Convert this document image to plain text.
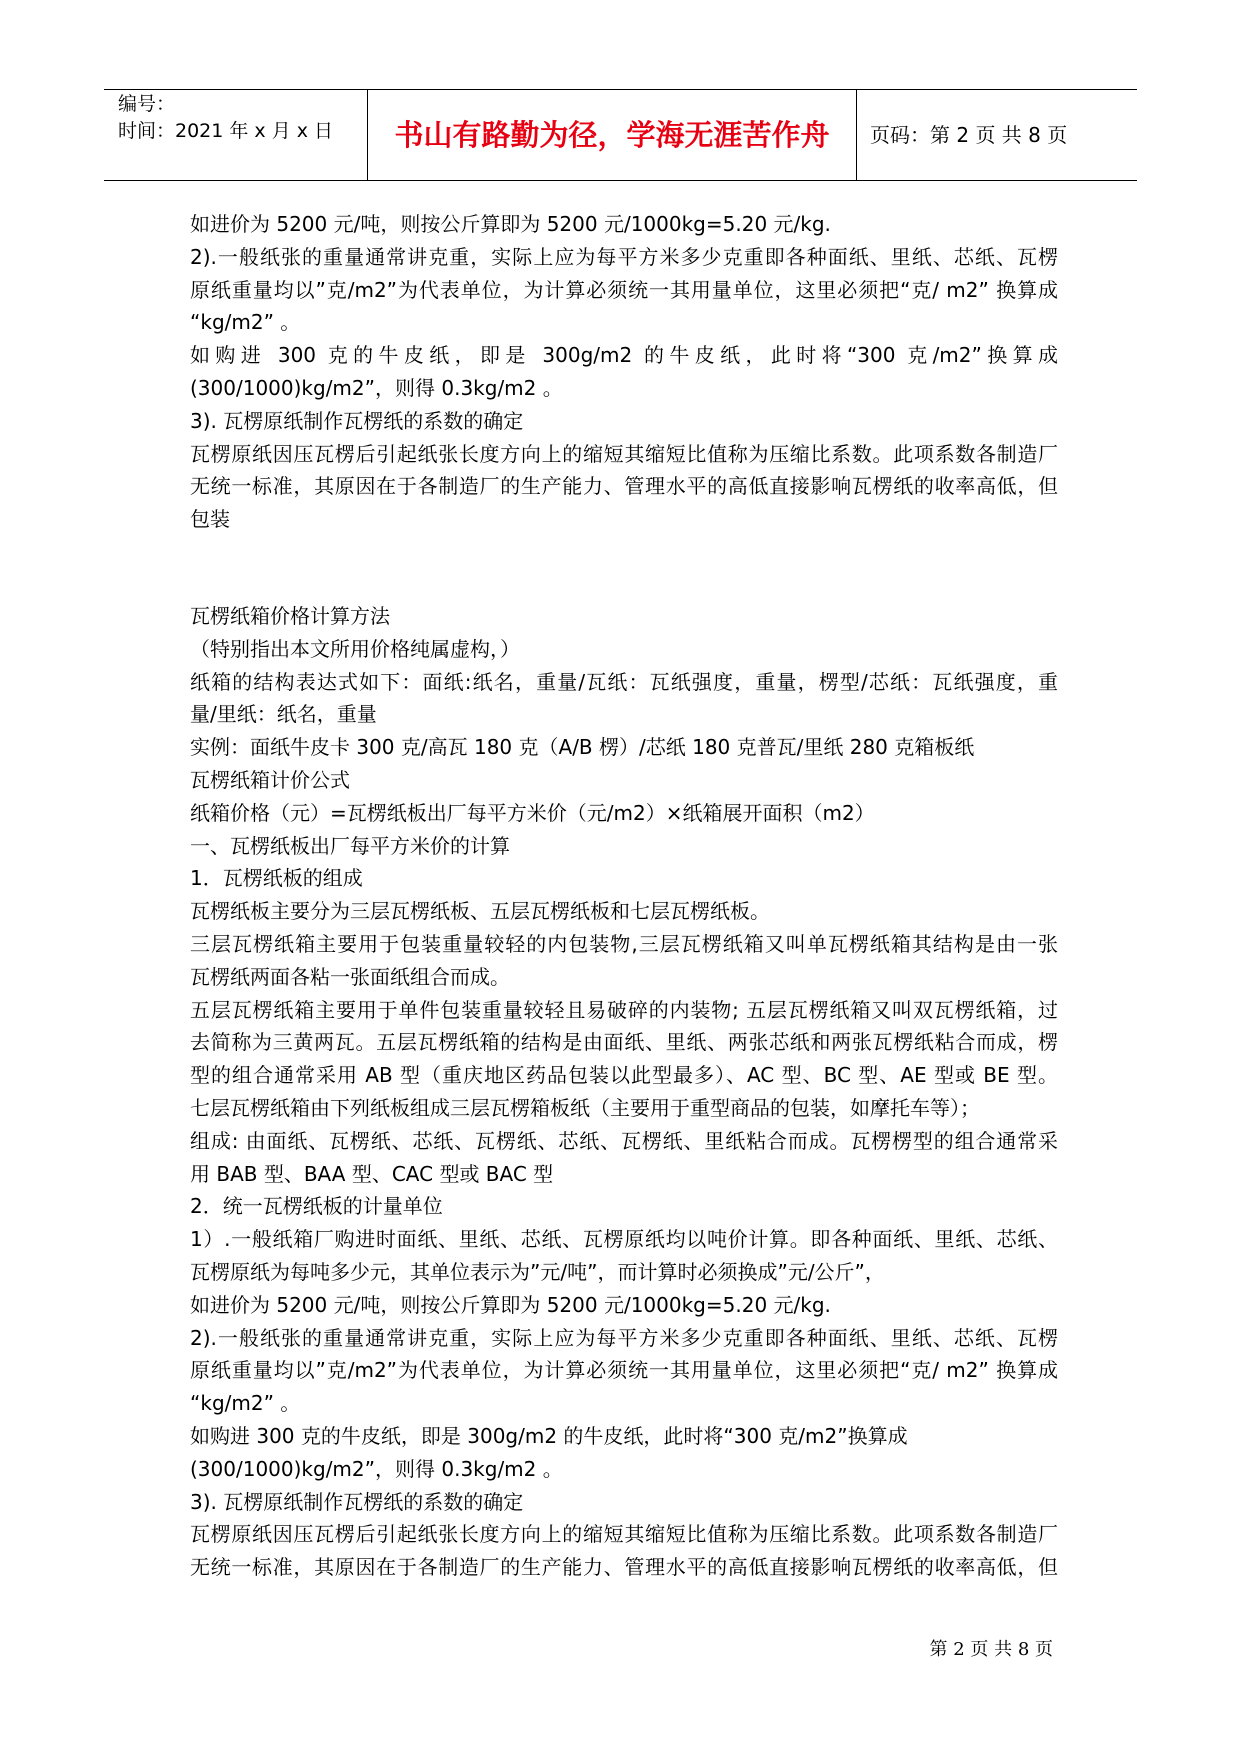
编号：
时间：2021 年 x 月 x 日 书山有路勤为径，学海无涯苦作舟 页码：第 2 页 共 8 页
如进价为 5200 元/吨，则按公斤算即为 5200 元/1000kg=5.20 元/kg.
2).一般纸张的重量通常讲克重，实际上应为每平方米多少克重即各种面纸、里纸、芯纸、瓦楞
原纸重量均以”克/m2”为代表单位，为计算必须统一其用量单位，这里必须把“克/ m2” 换算成
“kg/m2” 。
如购进 300 克的牛皮纸，即是 300g/m2 的牛皮纸，此时将“300 克/m2”换算成
(300/1000)kg/m2”，则得 0.3kg/m2 。
3). 瓦楞原纸制作瓦楞纸的系数的确定
瓦楞原纸因压瓦楞后引起纸张长度方向上的缩短其缩短比值称为压缩比系数。此项系数各制造厂
无统一标准，其原因在于各制造厂的生产能力、管理水平的高低直接影响瓦楞纸的收率高低，但
包装
瓦楞纸箱价格计算方法
（特别指出本文所用价格纯属虚构，）
纸箱的结构表达式如下：面纸:纸名，重量/瓦纸：瓦纸强度，重量，楞型/芯纸：瓦纸强度，重
量/里纸：纸名，重量
实例：面纸牛皮卡 300 克/高瓦 180 克（A/B 楞）/芯纸 180 克普瓦/里纸 280 克箱板纸
瓦楞纸箱计价公式
纸箱价格（元）=瓦楞纸板出厂每平方米价（元/m2）×纸箱展开面积（m2）
一、瓦楞纸板出厂每平方米价的计算
1．瓦楞纸板的组成
瓦楞纸板主要分为三层瓦楞纸板、五层瓦楞纸板和七层瓦楞纸板。
三层瓦楞纸箱主要用于包装重量较轻的内包装物,三层瓦楞纸箱又叫单瓦楞纸箱其结构是由一张
瓦楞纸两面各粘一张面纸组合而成。
五层瓦楞纸箱主要用于单件包装重量较轻且易破碎的内装物; 五层瓦楞纸箱又叫双瓦楞纸箱，过
去简称为三黄两瓦。五层瓦楞纸箱的结构是由面纸、里纸、两张芯纸和两张瓦楞纸粘合而成，楞
型的组合通常采用 AB 型（重庆地区药品包装以此型最多）、AC 型、BC 型、AE 型或 BE 型。
七层瓦楞纸箱由下列纸板组成三层瓦楞箱板纸（主要用于重型商品的包装，如摩托车等）；
组成: 由面纸、瓦楞纸、芯纸、瓦楞纸、芯纸、瓦楞纸、里纸粘合而成。瓦楞楞型的组合通常采
用 BAB 型、BAA 型、CAC 型或 BAC 型
2．统一瓦楞纸板的计量单位
1）.一般纸箱厂购进时面纸、里纸、芯纸、瓦楞原纸均以吨价计算。即各种面纸、里纸、芯纸、
瓦楞原纸为每吨多少元，其单位表示为”元/吨”，而计算时必须换成”元/公斤”，
如进价为 5200 元/吨，则按公斤算即为 5200 元/1000kg=5.20 元/kg.
2).一般纸张的重量通常讲克重，实际上应为每平方米多少克重即各种面纸、里纸、芯纸、瓦楞
原纸重量均以”克/m2”为代表单位，为计算必须统一其用量单位，这里必须把“克/ m2” 换算成
“kg/m2” 。
如购进 300 克的牛皮纸，即是 300g/m2 的牛皮纸，此时将“300 克/m2”换算成
(300/1000)kg/m2”，则得 0.3kg/m2 。
3). 瓦楞原纸制作瓦楞纸的系数的确定
瓦楞原纸因压瓦楞后引起纸张长度方向上的缩短其缩短比值称为压缩比系数。此项系数各制造厂
无统一标准，其原因在于各制造厂的生产能力、管理水平的高低直接影响瓦楞纸的收率高低，但
第 2 页 共 8 页
